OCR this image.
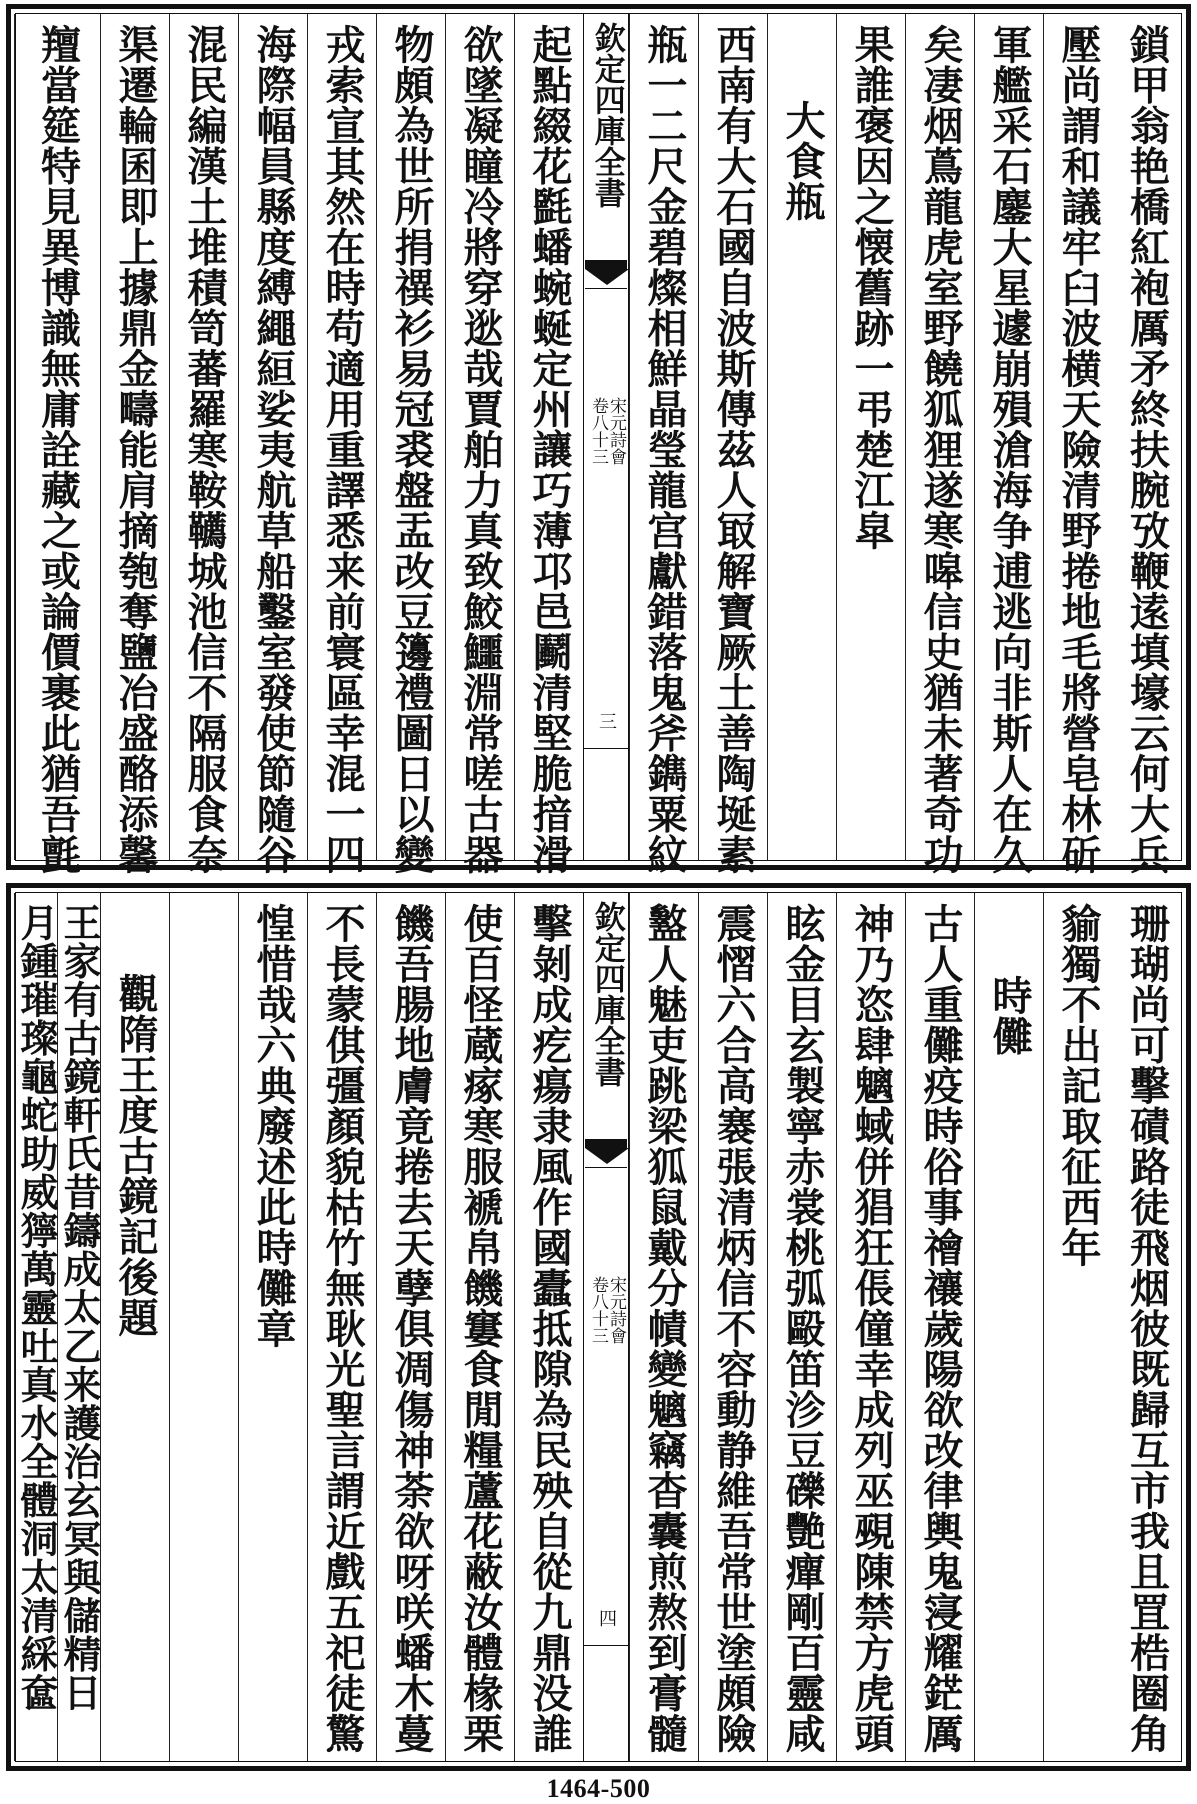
鎖甲翁艳橋紅袍厲矛終扶腕攷鞭逺填壕云何大兵
壓尚謂和議牢臼波横天險清野捲地毛將營皂林斫
軍艦采石鏖大星遽崩殞滄海争逋逃向非斯人在久
矣凄烟蔦龍虎室野饒狐狸遂寒嗥信史猶未著奇功
果誰褒因之懐舊跡一弔楚江皐
大食瓶
西南有大石國自波斯傳茲人冣解寶厥土善陶埏素
瓶一二尺金碧燦相鮮晶瑩龍宫獻錯落鬼斧鐫粟紋
欽定四庫全書
宋元詩會
卷八十三
三
起點綴花㲯蟠蜿蜒定州讓巧薄邛邑鬬清堅脆揞滑
欲墜凝瞳冷將穿逖哉賈舶力真致鮫鱷淵常嗟古器
物頗為世所捐禩衫易冠裘盤盂改豆籩禮圖日以變
戎索宣其然在時苟適用重譯悉来前寰區幸混一四
海際幅員縣度縛繩絙娑夷航草船鑿室發使節隨谷
混民編漢土堆積笥蕃羅寒鞍韉城池信不隔服食奈
渠遷輪囷即上據鼎金疇能肩摘匏奪鹽冶盛酪添馨
羶當筵特見異博識無庸詮藏之或論價裹此猶吾氈
珊瑚尚可擊磧路徒飛烟彼既歸互市我且罝梏圈角
貐獨不出記取征西年
時儺
古人重儺疫時俗事禬禳歲陽欲改律輿鬼寖耀鋩厲
神乃恣肆魑蜮併猖狂倀僮幸成列巫覡陳禁方虎頭
眩金目玄製寧赤裳桃弧毆笛沴豆礫艷癉剛百靈咸
震慴六合高褰張清炳信不容動静維吾常世塗頗險
盭人魅吏跳梁狐鼠戴分幘變魑竊杳囊煎熬到膏髓
欽定四庫全書
宋元詩會
卷八十三
四
擊剝成疙瘍隶風作國蠹抵隙為民殃自從九鼎没誰
使百怪蔵瘃寒服褫帛饑窶食閒糧蘆花蔽汝體椽栗
饑吾腸地膚竟捲去天孽俱凋傷神荼欲呀咲蟠木蔓
不長蒙倛彊顏貌枯竹無耿光聖言謂近戲五祀徒驚
惶惜哉六典廢述此時儺章
觀隋王度古鏡記後題
王家有古鏡軒氏昔鑄成太乙来護治玄冥與儲精日
月鍾璀璨龜蛇助威獰萬靈吐真水全體洞太清綵奩
1464-500
